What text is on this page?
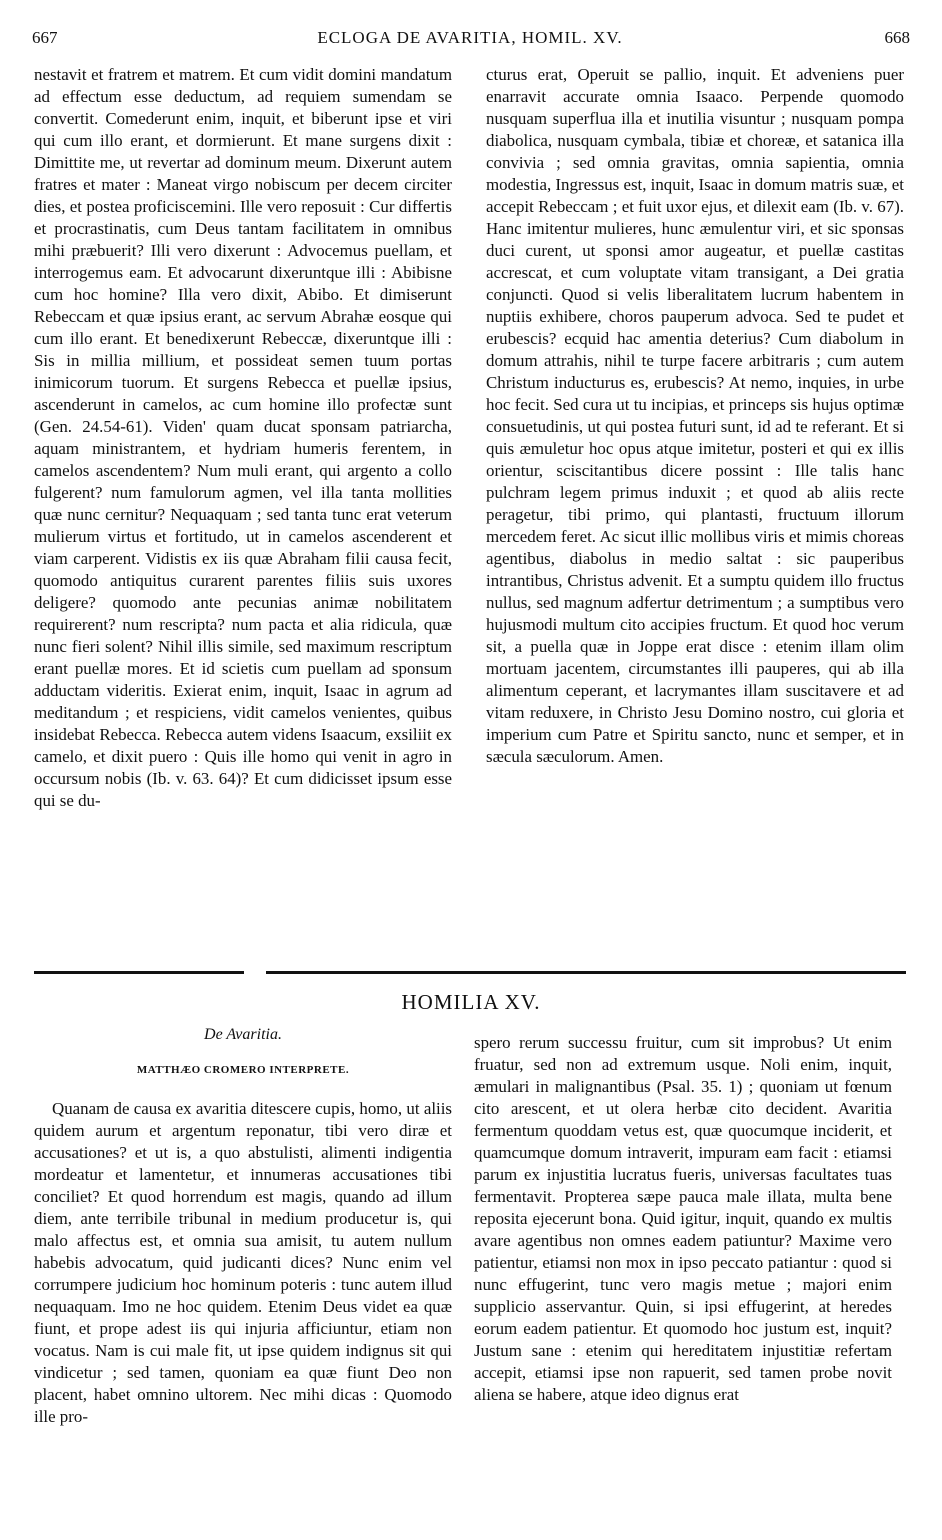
667	ECLOGA DE AVARITIA, HOMIL. XV.	668

nestavit et fratrem et matrem. Et cum vidit domini mandatum ad effectum esse deductum, ad requiem sumendam se convertit. Comederunt enim, inquit, et biberunt ipse et viri qui cum illo erant, et dormierunt. Et mane surgens dixit : Dimittite me, ut revertar ad dominum meum. Dixerunt autem fratres et mater : Maneat virgo nobiscum per decem circiter dies, et postea proficiscemini. Ille vero reposuit : Cur differtis et procrastinatis, cum Deus tantam facilitatem in omnibus mihi præbuerit? Illi vero dixerunt : Advocemus puellam, et interrogemus eam. Et advocarunt dixeruntque illi : Abibisne cum hoc homine? Illa vero dixit, Abibo. Et dimiserunt Rebeccam et quæ ipsius erant, ac servum Abrahæ eosque qui cum illo erant. Et benedixerunt Rebeccæ, dixeruntque illi : Sis in millia millium, et possideat semen tuum portas inimicorum tuorum. Et surgens Rebecca et puellæ ipsius, ascenderunt in camelos, ac cum homine illo profectæ sunt (Gen. 24.54-61). Viden' quam ducat sponsam patriarcha, aquam ministrantem, et hydriam humeris ferentem, in camelos ascendentem? Num muli erant, qui argento a collo fulgerent? num famulorum agmen, vel illa tanta mollities quæ nunc cernitur? Nequaquam ; sed tanta tunc erat veterum mulierum virtus et fortitudo, ut in camelos ascenderent et viam carperent. Vidistis ex iis quæ Abraham filii causa fecit, quomodo antiquitus curarent parentes filiis suis uxores deligere? quomodo ante pecunias animæ nobilitatem requirerent? num rescripta? num pacta et alia ridicula, quæ nunc fieri solent? Nihil illis simile, sed maximum rescriptum erant puellæ mores. Et id scietis cum puellam ad sponsum adductam videritis. Exierat enim, inquit, Isaac in agrum ad meditandum ; et respiciens, vidit camelos venientes, quibus insidebat Rebecca. Rebecca autem videns Isaacum, exsiliit ex camelo, et dixit puero : Quis ille homo qui venit in agro in occursum nobis (Ib. v. 63. 64)? Et cum didicisset ipsum esse qui se du-

cturus erat, Operuit se pallio, inquit. Et adveniens puer enarravit accurate omnia Isaaco. Perpende quomodo nusquam superflua illa et inutilia visuntur ; nusquam pompa diabolica, nusquam cymbala, tibiæ et choreæ, et satanica illa convivia ; sed omnia gravitas, omnia sapientia, omnia modestia, Ingressus est, inquit, Isaac in domum matris suæ, et accepit Rebeccam ; et fuit uxor ejus, et dilexit eam (Ib. v. 67). Hanc imitentur mulieres, hunc æmulentur viri, et sic sponsas duci curent, ut sponsi amor augeatur, et puellæ castitas accrescat, et cum voluptate vitam transigant, a Dei gratia conjuncti. Quod si velis liberalitatem lucrum habentem in nuptiis exhibere, choros pauperum advoca. Sed te pudet et erubescis? ecquid hac amentia deterius? Cum diabolum in domum attrahis, nihil te turpe facere arbitraris ; cum autem Christum inducturus es, erubescis? At nemo, inquies, in urbe hoc fecit. Sed cura ut tu incipias, et princeps sis hujus optimæ consuetudinis, ut qui postea futuri sunt, id ad te referant. Et si quis æmuletur hoc opus atque imitetur, posteri et qui ex illis orientur, sciscitantibus dicere possint : Ille talis hanc pulchram legem primus induxit ; et quod ab aliis recte peragetur, tibi primo, qui plantasti, fructuum illorum mercedem feret. Ac sicut illic mollibus viris et mimis choreas agentibus, diabolus in medio saltat : sic pauperibus intrantibus, Christus advenit. Et a sumptu quidem illo fructus nullus, sed magnum adfertur detrimentum ; a sumptibus vero hujusmodi multum cito accipies fructum. Et quod hoc verum sit, a puella quæ in Joppe erat disce : etenim illam olim mortuam jacentem, circumstantes illi pauperes, qui ab illa alimentum ceperant, et lacrymantes illam suscitavere et ad vitam reduxere, in Christo Jesu Domino nostro, cui gloria et imperium cum Patre et Spiritu sancto, nunc et semper, et in sæcula sæculorum. Amen.

HOMILIA XV.
De Avaritia.
MATTHÆO CROMERO INTERPRETE.

Quanam de causa ex avaritia ditescere cupis, homo, ut aliis quidem aurum et argentum reponatur, tibi vero diræ et accusationes? et ut is, a quo abstulisti, alimenti indigentia mordeatur et lamentetur, et innumeras accusationes tibi conciliet? Et quod horrendum est magis, quando ad illum diem, ante terribile tribunal in medium producetur is, qui malo affectus est, et omnia sua amisit, tu autem nullum habebis advocatum, quid judicanti dices? Nunc enim vel corrumpere judicium hoc hominum poteris : tunc autem illud nequaquam. Imo ne hoc quidem. Etenim Deus videt ea quæ fiunt, et prope adest iis qui injuria afficiuntur, etiam non vocatus. Nam is cui male fit, ut ipse quidem indignus sit qui vindicetur ; sed tamen, quoniam ea quæ fiunt Deo non placent, habet omnino ultorem. Nec mihi dicas : Quomodo ille pro-

spero rerum successu fruitur, cum sit improbus? Ut enim fruatur, sed non ad extremum usque. Noli enim, inquit, æmulari in malignantibus (Psal. 35. 1) ; quoniam ut fœnum cito arescent, et ut olera herbæ cito decident. Avaritia fermentum quoddam vetus est, quæ quocumque inciderit, et quamcumque domum intraverit, impuram eam facit : etiamsi parum ex injustitia lucratus fueris, universas facultates tuas fermentavit. Propterea sæpe pauca male illata, multa bene reposita ejecerunt bona. Quid igitur, inquit, quando ex multis avare agentibus non omnes eadem patiuntur? Maxime vero patientur, etiamsi non mox in ipso peccato patiantur : quod si nunc effugerint, tunc vero magis metue ; majori enim supplicio asservantur. Quin, si ipsi effugerint, at heredes eorum eadem patientur. Et quomodo hoc justum est, inquit? Justum sane : etenim qui hereditatem injustitiæ refertam accepit, etiamsi ipse non rapuerit, sed tamen probe novit aliena se habere, atque ideo dignus erat
